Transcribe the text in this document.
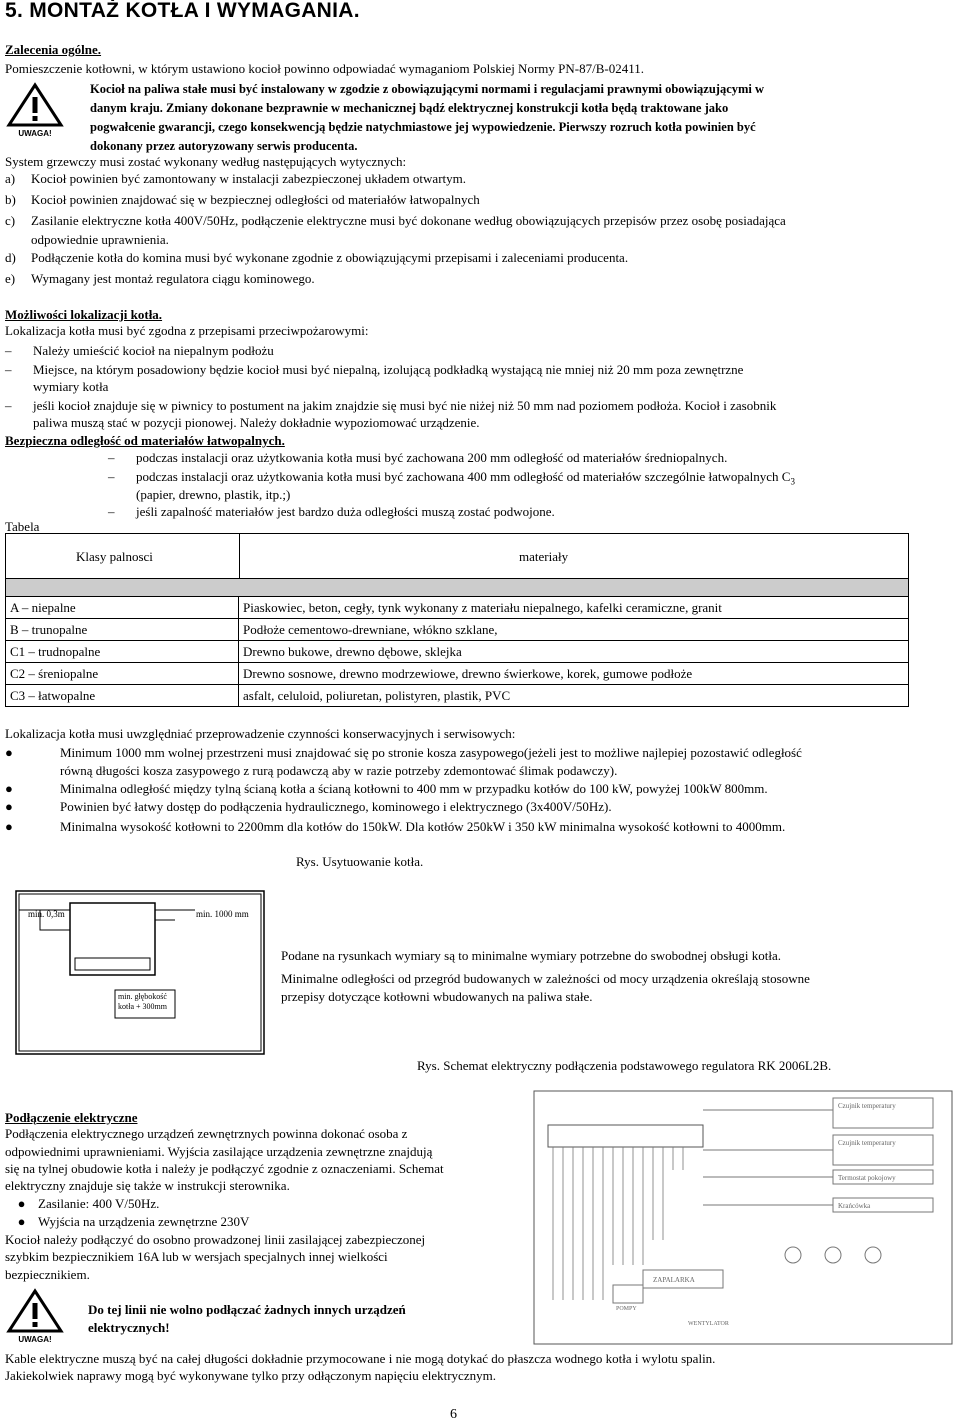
5. MONTAŻ KOTŁA I WYMAGANIA.
Zalecenia ogólne.
Pomieszczenie kotłowni, w którym ustawiono kocioł powinno odpowiadać wymaganiom Polskiej Normy PN-87/B-02411.
UWAGA!
Kocioł na paliwa stałe musi być instalowany w zgodzie z obowiązującymi normami i regulacjami prawnymi obowiązującymi w
danym kraju. Zmiany dokonane bezprawnie w mechanicznej bądź elektrycznej konstrukcji kotła będą traktowane jako
pogwałcenie gwarancji, czego konsekwencją będzie natychmiastowe jej wypowiedzenie. Pierwszy rozruch kotła powinien być
dokonany przez autoryzowany serwis producenta.
System grzewczy musi zostać wykonany według następujących wytycznych:
a) Kocioł powinien być zamontowany w instalacji zabezpieczonej układem otwartym.
b) Kocioł powinien znajdować się w bezpiecznej odległości od materiałów łatwopalnych
c) Zasilanie elektryczne kotła 400V/50Hz, podłączenie elektryczne musi być dokonane według obowiązujących przepisów przez osobę posiadająca
odpowiednie uprawnienia.
d) Podłączenie kotła do komina musi być wykonane zgodnie z obowiązującymi przepisami i zaleceniami producenta.
e) Wymagany jest montaż regulatora ciągu kominowego.
Możliwości lokalizacji kotła.
Lokalizacja kotła musi być zgodna z przepisami przeciwpożarowymi:
– Należy umieścić kocioł na niepalnym podłożu
– Miejsce, na którym posadowiony będzie kocioł musi być niepalną, izolującą podkładką wystającą nie mniej niż 20 mm poza zewnętrzne
wymiary kotła
– jeśli kocioł znajduje się w piwnicy to postument na jakim znajdzie się musi być nie niżej niż 50 mm nad poziomem podłoża. Kocioł i zasobnik
paliwa muszą stać w pozycji pionowej. Należy dokładnie wypoziomować urządzenie.
Bezpieczna odległość od materiałów łatwopalnych.
– podczas instalacji oraz użytkowania kotła musi być zachowana 200 mm odległość od materiałów średniopalnych.
– podczas instalacji oraz użytkowania kotła musi być zachowana 400 mm odległość od materiałów szczególnie łatwopalnych $C_3$
(papier, drewno, plastik, itp.;)
– jeśli zapalność materiałów jest bardzo duża odległości muszą zostać podwojone.
Tabela
Klasy palnosci	materiały
A – niepalne	Piaskowiec, beton, cegły, tynk wykonany z materiału niepalnego, kafelki ceramiczne, granit
B – trunopalne	Podłoże cementowo-drewniane, włókno szklane,
C1 – trudnopalne	Drewno bukowe, drewno dębowe, sklejka
C2 – śreniopalne	Drewno sosnowe, drewno modrzewiowe, drewno świerkowe, korek, gumowe podłoże
C3 – łatwopalne	asfalt, celuloid, poliuretan, polistyren, plastik, PVC
Lokalizacja kotła musi uwzględniać przeprowadzenie czynności konserwacyjnych i serwisowych:
●	Minimum 1000 mm wolnej przestrzeni musi znajdować się po stronie kosza zasypowego(jeżeli jest to możliwe najlepiej pozostawić odległość
równą długości kosza zasypowego z rurą podawczą aby w razie potrzeby zdemontować ślimak podawczy).
●	Minimalna odległość między tylną ścianą kotła a ścianą kotłowni to 400 mm w przypadku kotłów do 100 kW, powyżej 100kW 800mm.
●	Powinien być łatwy dostęp do podłączenia hydraulicznego, kominowego i elektrycznego (3x400V/50Hz).
●	Minimalna wysokość kotłowni to 2200mm dla kotłów do 150kW. Dla kotłów 250kW i 350 kW minimalna wysokość kotłowni to 4000mm.
Rys. Usytuowanie kotła.
min. 0,3m	min. 1000 mm
min. głębokość
kotła + 300mm
Podane na rysunkach wymiary są to minimalne wymiary potrzebne do swobodnej obsługi kotła.
Minimalne odległości od przegród budowanych w zależności od mocy urządzenia określają stosowne
przepisy dotyczące kotłowni wbudowanych na paliwa stałe.
Rys. Schemat elektryczny podłączenia podstawowego regulatora RK 2006L2B.
Podłączenie elektryczne
Podłączenia elektrycznego urządzeń zewnętrznych powinna dokonać osoba z
odpowiednimi uprawnieniami. Wyjścia zasilające urządzenia zewnętrzne znajdują
się na tylnej obudowie kotła i należy je podłączyć zgodnie z oznaczeniami. Schemat
elektryczny znajduje się także w instrukcji sterownika.
● Zasilanie: 400 V/50Hz.
● Wyjścia na urządzenia zewnętrzne 230V
Kocioł należy podłączyć do osobno prowadzonej linii zasilającej zabezpieczonej
szybkim bezpiecznikiem 16A lub w wersjach specjalnych innej wielkości
bezpiecznikiem.
UWAGA!
Do tej linii nie wolno podłączać żadnych innych urządzeń
elektrycznych!
Kable elektryczne muszą być na całej długości dokładnie przymocowane i nie mogą dotykać do płaszcza wodnego kotła i wylotu spalin.
Jakiekolwiek naprawy mogą być wykonywane tylko przy odłączonym napięciu elektrycznym.
Czujnik temperatury
Czujnik temperatury
Termostat pokojowy
Krańcówka
ZAPALARKA
POMPY
WENTYLATOR
6
